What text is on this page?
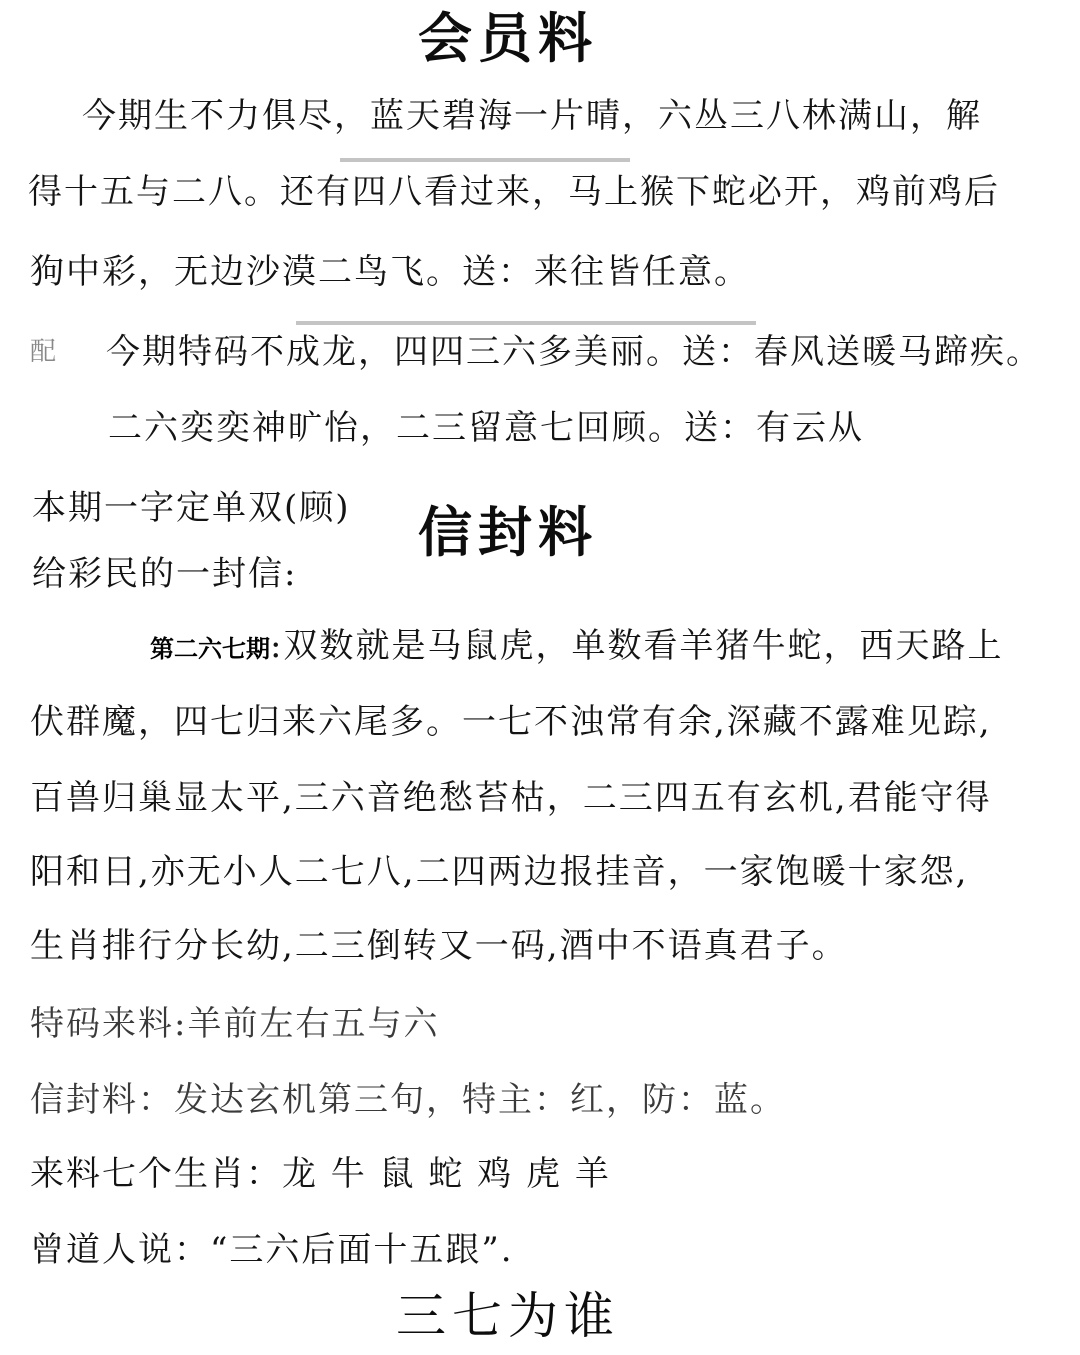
会员料
今期生不力俱尽，蓝天碧海一片晴，六丛三八林满山，解
得十五与二八。还有四八看过来，马上猴下蛇必开，鸡前鸡后
狗中彩，无边沙漠二鸟飞。送：来往皆任意。
配 今期特码不成龙，四四三六多美丽。送：春风送暖马蹄疾。
二六奕奕神旷怡，二三留意七回顾。送：有云从
本期一字定单双(顾)
给彩民的一封信:
信封料
第二六七期:双数就是马鼠虎，单数看羊猪牛蛇，西天路上
伏群魔，四七归来六尾多。一七不浊常有余,深藏不露难见踪,
百兽归巢显太平,三六音绝愁苔枯，二三四五有玄机,君能守得
阳和日,亦无小人二七八,二四两边报挂音，一家饱暖十家怨,
生肖排行分长幼,二三倒转又一码,酒中不语真君子。
特码来料:羊前左右五与六
信封料：发达玄机第三句，特主：红，防：蓝。
来料七个生肖：龙 牛 鼠 蛇 鸡 虎 羊
曾道人说：“三六后面十五跟”.
三七为谁
